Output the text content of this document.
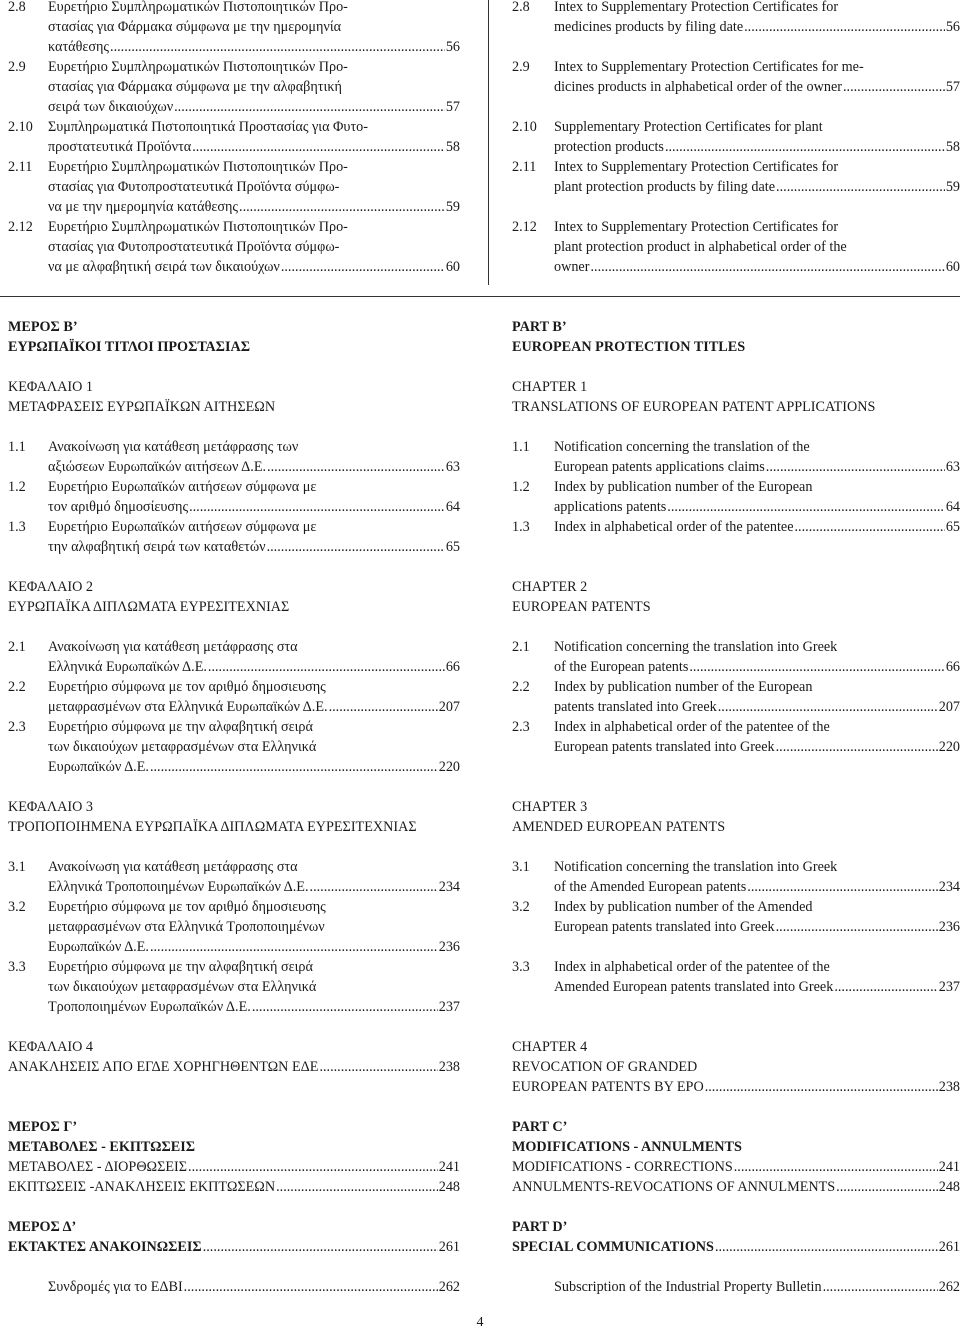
2.8	Ευρετήριο Συμπληρωματικών Πιστοποιητικών Προ-
στασίας για Φάρμακα σύμφωνα με την ημερομηνία
κατάθεσης .....	56
2.9	Ευρετήριο Συμπληρωματικών Πιστοποιητικών Προ-
στασίας για Φάρμακα σύμφωνα με την αλφαβητική
σειρά των δικαιούχων .....	57
2.10	Συμπληρωματικά Πιστοποιητικά Προστασίας για Φυτο-
προστατευτικά Προϊόντα .....	58
2.11	Ευρετήριο Συμπληρωματικών Πιστοποιητικών Προ-
στασίας για Φυτοπροστατευτικά Προϊόντα σύμφω-
να με την ημερομηνία κατάθεσης .....	59
2.12	Ευρετήριο Συμπληρωματικών Πιστοποιητικών Προ-
στασίας για Φυτοπροστατευτικά Προϊόντα σύμφω-
να με αλφαβητική σειρά των δικαιούχων .....	60
ΜΕΡΟΣ Β’
ΕΥΡΩΠΑΪΚΟΙ ΤΙΤΛΟΙ ΠΡΟΣΤΑΣΙΑΣ
ΚΕΦΑΛΑΙΟ 1
ΜΕΤΑΦΡΑΣΕΙΣ ΕΥΡΩΠΑΪΚΩΝ ΑΙΤΗΣΕΩΝ
1.1	Ανακοίνωση για κατάθεση μετάφρασης των
αξιώσεων Ευρωπαϊκών αιτήσεων Δ.Ε. .....	63
1.2	Ευρετήριο Ευρωπαϊκών αιτήσεων σύμφωνα με
τον αριθμό δημοσίευσης .....	64
1.3	Ευρετήριο Ευρωπαϊκών αιτήσεων σύμφωνα με
την αλφαβητική σειρά των καταθετών .....	65
ΚΕΦΑΛΑΙΟ 2
ΕΥΡΩΠΑΪΚΑ ΔΙΠΛΩΜΑΤΑ ΕΥΡΕΣΙΤΕΧΝΙΑΣ
2.1	Ανακοίνωση για κατάθεση μετάφρασης στα
Ελληνικά Ευρωπαϊκών Δ.Ε. .....	66
2.2	Ευρετήριο σύμφωνα με τον αριθμό δημοσιευσης
μεταφρασμένων στα Ελληνικά Ευρωπαϊκών Δ.Ε. .....	207
2.3	Ευρετήριο σύμφωνα με την αλφαβητική σειρά
των δικαιούχων μεταφρασμένων στα Ελληνικά
Ευρωπαϊκών Δ.Ε. .....	220
ΚΕΦΑΛΑΙΟ 3
ΤΡΟΠΟΠΟΙΗΜΕΝΑ ΕΥΡΩΠΑΪΚΑ ΔΙΠΛΩΜΑΤΑ ΕΥΡΕΣΙΤΕΧΝΙΑΣ
3.1	Ανακοίνωση για κατάθεση μετάφρασης στα
Ελληνικά Τροποποιημένων Ευρωπαϊκών Δ.Ε. .....	234
3.2	Ευρετήριο σύμφωνα με τον αριθμό δημοσιευσης
μεταφρασμένων στα Ελληνικά Τροποποιημένων
Ευρωπαϊκών Δ.Ε. .....	236
3.3	Ευρετήριο σύμφωνα με την αλφαβητική σειρά
των δικαιούχων μεταφρασμένων στα Ελληνικά
Τροποποιημένων Ευρωπαϊκών Δ.Ε. .....	237
ΚΕΦΑΛΑΙΟ 4
ΑΝΑΚΛΗΣΕΙΣ ΑΠΟ ΕΓΔΕ ΧΟΡΗΓΗΘΕΝΤΩΝ ΕΔΕ .....	238
ΜΕΡΟΣ Γ’
ΜΕΤΑΒΟΛΕΣ - ΕΚΠΤΩΣΕΙΣ
ΜΕΤΑΒΟΛΕΣ - ΔΙΟΡΘΩΣΕΙΣ .....	241
ΕΚΠΤΩΣΕΙΣ -ΑΝΑΚΛΗΣΕΙΣ ΕΚΠΤΩΣΕΩΝ .....	248
ΜΕΡΟΣ Δ’
ΕΚΤΑΚΤΕΣ ΑΝΑΚΟΙΝΩΣΕΙΣ .....	261
Συνδρομές για το ΕΔΒΙ .....	262
2.8	Intex to Supplementary Protection Certificates for
medicines products by filing date .....	56
2.9	Intex to Supplementary Protection Certificates for me-
dicines products in alphabetical order of the owner .....	57
2.10	Supplementary Protection Certificates for plant
protection products .....	58
2.11	Intex to Supplementary Protection Certificates for
plant protection products by filing date .....	59
2.12	Intex to Supplementary Protection Certificates for
plant protection product in alphabetical order of the
owner .....	60
PART B’
EUROPEAN PROTECTION TITLES
CHAPTER 1
TRANSLATIONS OF EUROPEAN PATENT APPLICATIONS
1.1	Notification concerning the translation of the
European patents applications claims .....	63
1.2	Index by publication number of the European
applications patents .....	64
1.3	Index in alphabetical order of the patentee .....	65
CHAPTER 2
EUROPEAN PATENTS
2.1	Notification concerning the translation into Greek
of the European patents .....	66
2.2	Index by publication number of the European
patents translated into Greek .....	207
2.3	Index in alphabetical order of the patentee of the
European patents translated into Greek .....	220
CHAPTER 3
AMENDED EUROPEAN PATENTS
3.1	Notification concerning the translation into Greek
of the Amended European patents .....	234
3.2	Index by publication number of the Amended
European patents translated into Greek .....	236
3.3	Index in alphabetical order of the patentee of the
Amended European patents translated into Greek .....	237
CHAPTER 4
REVOCATION OF GRANDED
EUROPEAN PATENTS BY EPO .....	238
PART C’
MODIFICATIONS - ANNULMENTS
MODIFICATIONS - CORRECTIONS .....	241
ANNULMENTS-REVOCATIONS OF ANNULMENTS .....	248
PART D’
SPECIAL COMMUNICATIONS .....	261
Subscription of the Industrial Property Bulletin .....	262
4
